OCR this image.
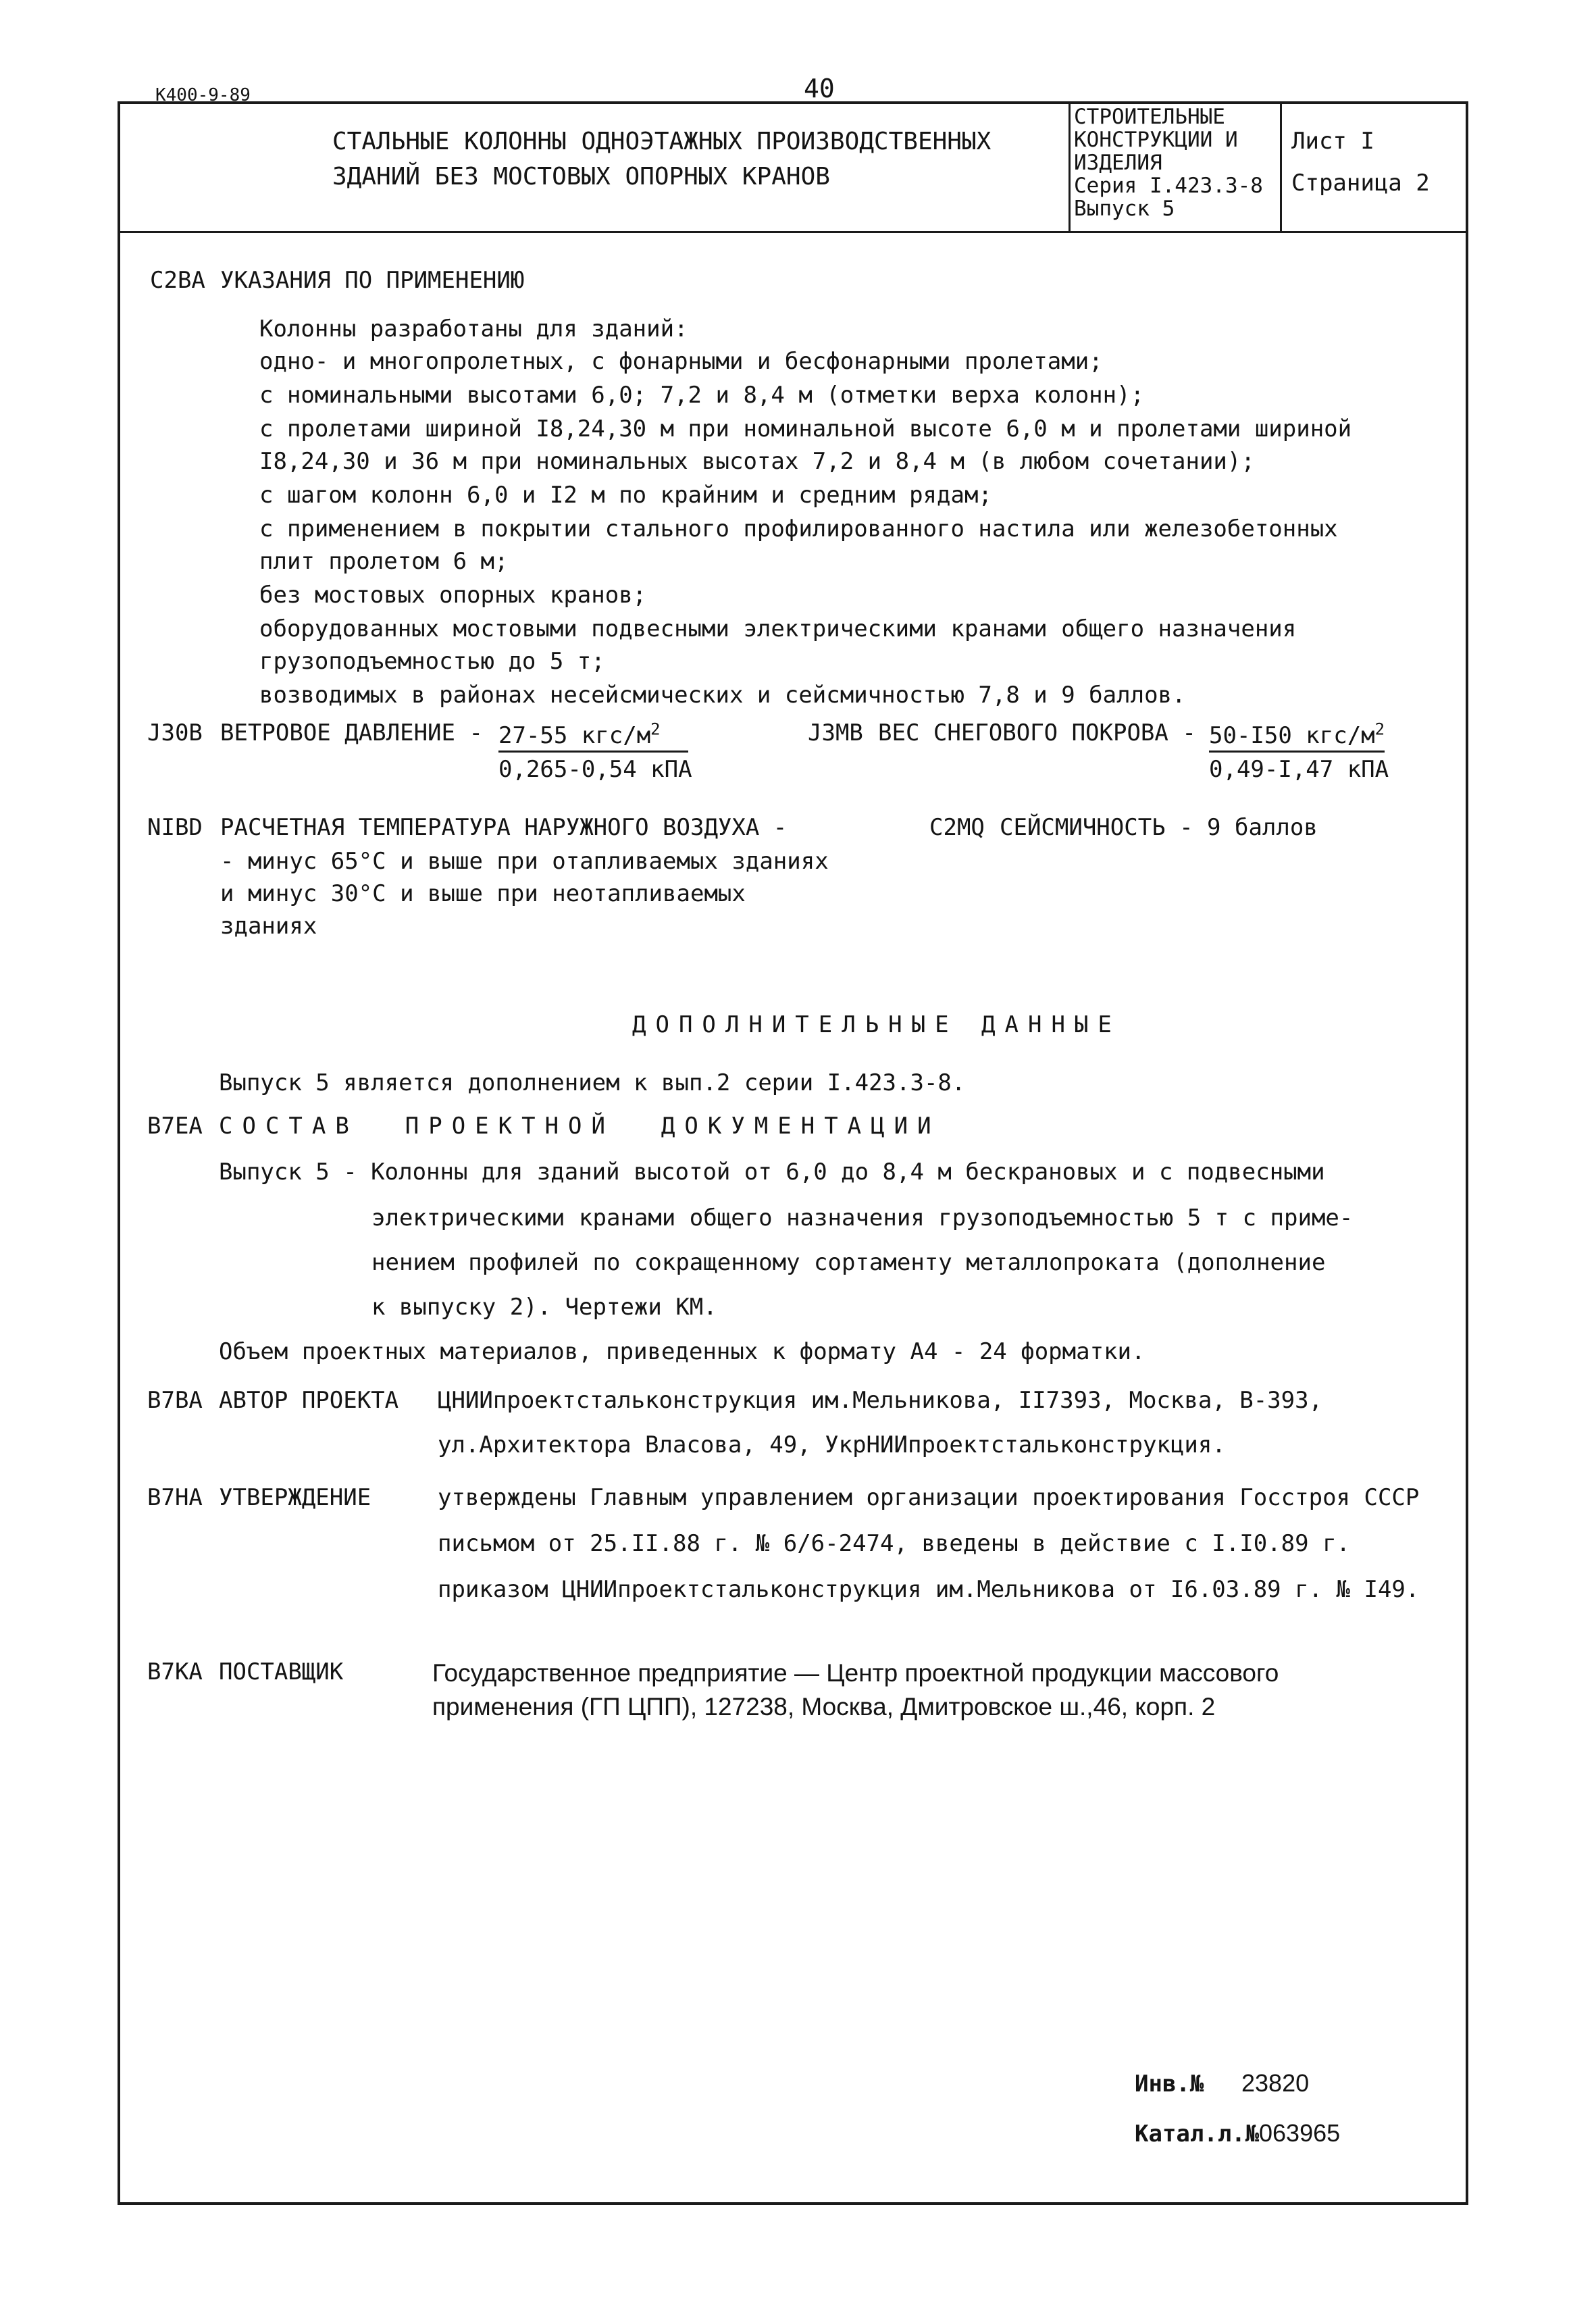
К400-9-89	40
СТАЛЬНЫЕ КОЛОННЫ ОДНОЭТАЖНЫХ ПРОИЗВОДСТВЕННЫХ
ЗДАНИЙ БЕЗ МОСТОВЫХ ОПОРНЫХ КРАНОВ
СТРОИТЕЛЬНЫЕ
КОНСТРУКЦИИ И
ИЗДЕЛИЯ
Серия I.423.3-8
Выпуск 5
Лист I
Страница 2
С2ВА УКАЗАНИЯ ПО ПРИМЕНЕНИЮ
Колонны разработаны для зданий:
одно- и многопролетных, с фонарными и бесфонарными пролетами;
с номинальными высотами 6,0; 7,2 и 8,4 м (отметки верха колонн);
с пролетами шириной I8,24,30 м при номинальной высоте 6,0 м и пролетами шириной
I8,24,30 и 36 м при номинальных высотах 7,2 и 8,4 м (в любом сочетании);
с шагом колонн 6,0 и I2 м по крайним и средним рядам;
с применением в покрытии стального профилированного настила или железобетонных
плит пролетом 6 м;
без мостовых опорных кранов;
оборудованных мостовыми подвесными электрическими кранами общего назначения
грузоподъемностью до 5 т;
возводимых в районах несейсмических и сейсмичностью 7,8 и 9 баллов.
J30В ВЕТРОВОЕ ДАВЛЕНИЕ - 27-55 кгс/$м^2$
0,265-0,54 кПА
J3МВ ВЕС СНЕГОВОГО ПОКРОВА - 50-I50 кгс/$м^2$
0,49-I,47 кПА
NIВD РАСЧЕТНАЯ ТЕМПЕРАТУРА НАРУЖНОГО ВОЗДУХА -
- минус 65°С и выше при отапливаемых зданиях
и минус 30°С и выше при неотапливаемых
зданиях
С2МQ СЕЙСМИЧНОСТЬ - 9 баллов
ДОПОЛНИТЕЛЬНЫЕ ДАННЫЕ
Выпуск 5 является дополнением к вып.2 серии I.423.3-8.
В7ЕА СОСТАВ  ПРОЕКТНОЙ  ДОКУМЕНТАЦИИ
Выпуск 5 - Колонны для зданий высотой от 6,0 до 8,4 м бескрановых и с подвесными
электрическими кранами общего назначения грузоподъемностью 5 т с приме-
нением профилей по сокращенному сортаменту металлопроката (дополнение
к выпуску 2). Чертежи КМ.
Объем проектных материалов, приведенных к формату А4 - 24 форматки.
В7ВА АВТОР ПРОЕКТА ЦНИИпроектстальконструкция им.Мельникова, II7393, Москва, В-393,
ул.Архитектора Власова, 49, УкрНИИпроектстальконструкция.
В7НА УТВЕРЖДЕНИЕ	утверждены Главным управлением организации проектирования Госстроя СССР
письмом от 25.II.88 г. № 6/6-2474, введены в действие с I.I0.89 г.
приказом ЦНИИпроектстальконструкция им.Мельникова от I6.03.89 г. № I49.
В7КА ПОСТАВЩИК	Государственное предприятие — Центр проектной продукции массового
применения (ГП ЦПП), 127238, Москва, Дмитровское ш.,46, корп. 2
Инв.№ 23820
Катал.л.№ 063965
